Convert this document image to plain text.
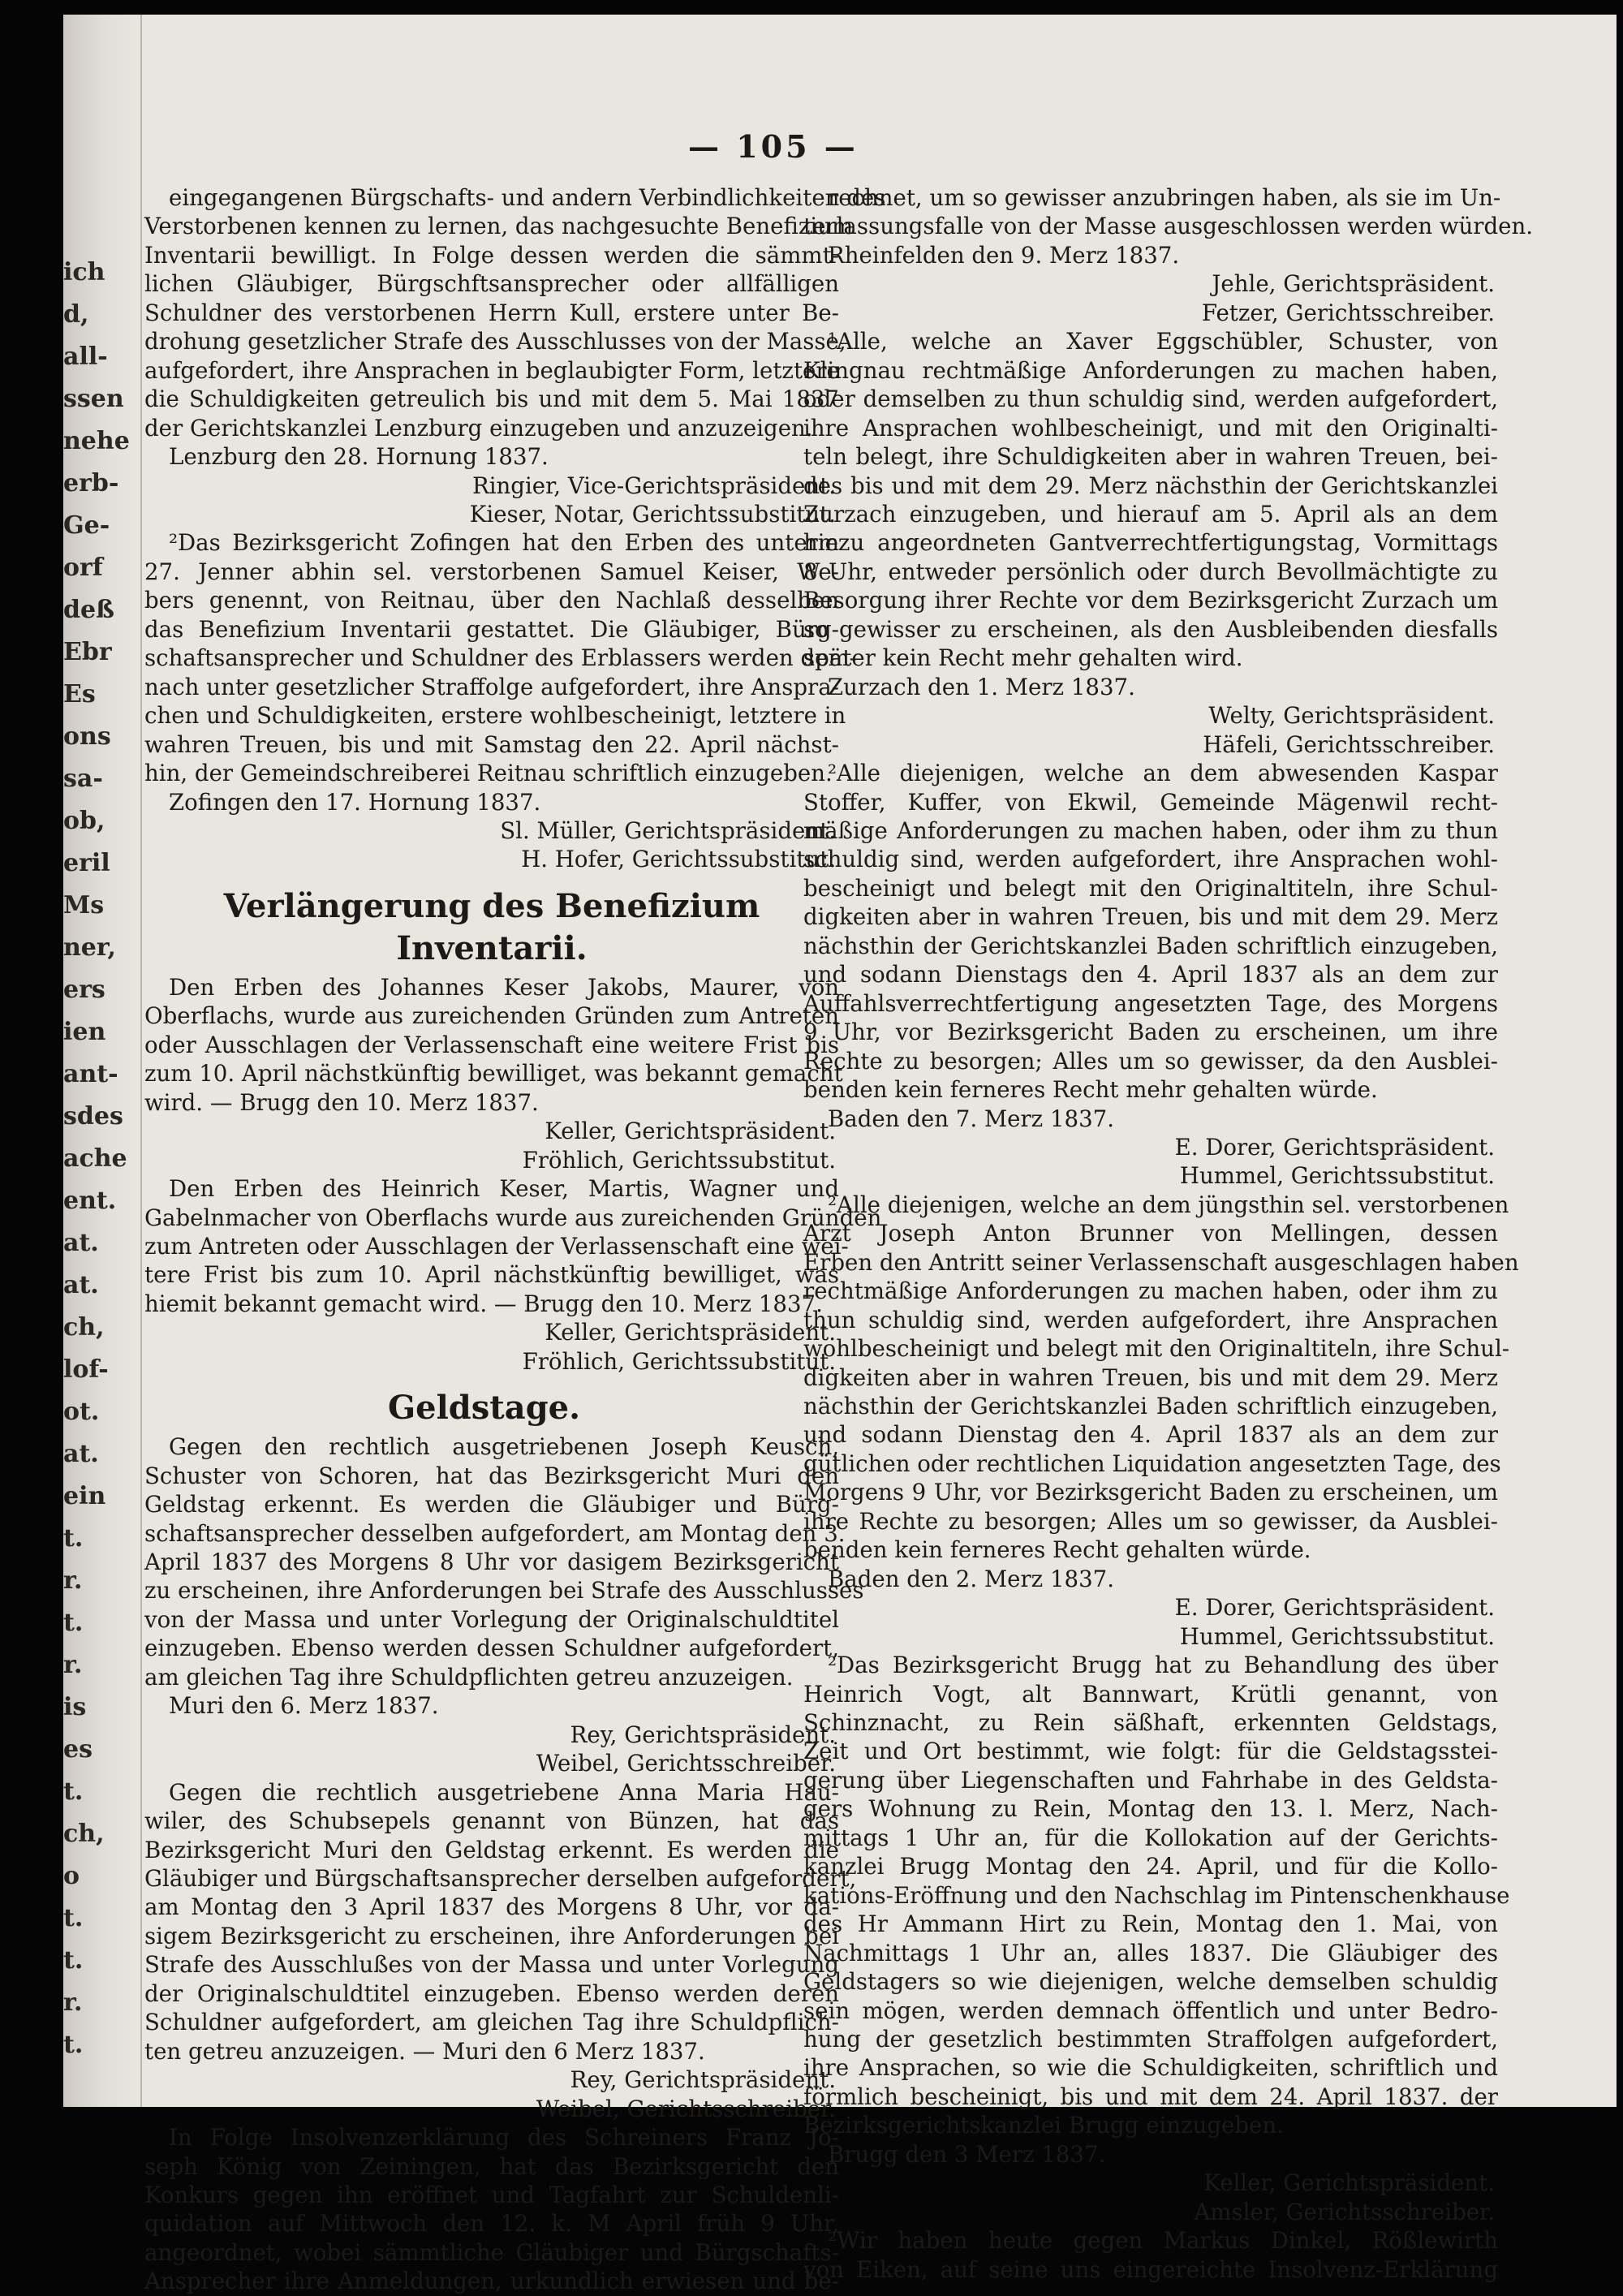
ich
d,
all-
ssen
nehe
erb-
Ge-
orf
deß
Ebr
Es
ons
sa-
ob,
eril
Ms
ner,
ers
ien
ant-
sdes
ache
ent.
at.
at.
ch,
lof-
ot.
at.
ein
t.
r.
t.
r.
is
es
t.
ch,
o
t.
t.
r.
t.
— 105 —
eingegangenen Bürgschafts- und andern Verbindlichkeiten des
Verstorbenen kennen zu lernen, das nachgesuchte Benefizium
Inventarii bewilligt. In Folge dessen werden die sämmt-
lichen Gläubiger, Bürgschftsansprecher oder allfälligen
Schuldner des verstorbenen Herrn Kull, erstere unter Be-
drohung gesetzlicher Strafe des Ausschlusses von der Masse,
aufgefordert, ihre Ansprachen in beglaubigter Form, letztere
die Schuldigkeiten getreulich bis und mit dem 5. Mai 1837
der Gerichtskanzlei Lenzburg einzugeben und anzuzeigen.
Lenzburg den 28. Hornung 1837.
Ringier, Vice-Gerichtspräsident.
Kieser, Notar, Gerichtssubstitut.
²Das Bezirksgericht Zofingen hat den Erben des unterm
27. Jenner abhin sel. verstorbenen Samuel Keiser, We-
bers genennt, von Reitnau, über den Nachlaß desselben
das Benefizium Inventarii gestattet. Die Gläubiger, Bürg-
schaftsansprecher und Schuldner des Erblassers werden dem-
nach unter gesetzlicher Straffolge aufgefordert, ihre Anspra-
chen und Schuldigkeiten, erstere wohlbescheinigt, letztere in
wahren Treuen, bis und mit Samstag den 22. April nächst-
hin, der Gemeindschreiberei Reitnau schriftlich einzugeben.
Zofingen den 17. Hornung 1837.
Sl. Müller, Gerichtspräsident.
H. Hofer, Gerichtssubstitut.
Verlängerung des Benefizium Inventarii.
Den Erben des Johannes Keser Jakobs, Maurer, von
Oberflachs, wurde aus zureichenden Gründen zum Antreten
oder Ausschlagen der Verlassenschaft eine weitere Frist bis
zum 10. April nächstkünftig bewilliget, was bekannt gemacht
wird. — Brugg den 10. Merz 1837.
Keller, Gerichtspräsident.
Fröhlich, Gerichtssubstitut.
Den Erben des Heinrich Keser, Martis, Wagner und
Gabelnmacher von Oberflachs wurde aus zureichenden Gründen
zum Antreten oder Ausschlagen der Verlassenschaft eine wei-
tere Frist bis zum 10. April nächstkünftig bewilliget, was
hiemit bekannt gemacht wird. — Brugg den 10. Merz 1837.
Keller, Gerichtspräsident.
Fröhlich, Gerichtssubstitut.
Geldstage.
Gegen den rechtlich ausgetriebenen Joseph Keusch,
Schuster von Schoren, hat das Bezirksgericht Muri den
Geldstag erkennt. Es werden die Gläubiger und Bürg-
schaftsansprecher desselben aufgefordert, am Montag den 3.
April 1837 des Morgens 8 Uhr vor dasigem Bezirksgericht
zu erscheinen, ihre Anforderungen bei Strafe des Ausschlusses
von der Massa und unter Vorlegung der Originalschuldtitel
einzugeben. Ebenso werden dessen Schuldner aufgefordert,
am gleichen Tag ihre Schuldpflichten getreu anzuzeigen.
Muri den 6. Merz 1837.
Rey, Gerichtspräsident.
Weibel, Gerichtsschreiber.
Gegen die rechtlich ausgetriebene Anna Maria Hau-
wiler, des Schubsepels genannt von Bünzen, hat das
Bezirksgericht Muri den Geldstag erkennt. Es werden die
Gläubiger und Bürgschaftsansprecher derselben aufgefordert,
am Montag den 3 April 1837 des Morgens 8 Uhr, vor da-
sigem Bezirksgericht zu erscheinen, ihre Anforderungen bei
Strafe des Ausschlußes von der Massa und unter Vorlegung
der Originalschuldtitel einzugeben. Ebenso werden deren
Schuldner aufgefordert, am gleichen Tag ihre Schuldpflich-
ten getreu anzuzeigen. — Muri den 6 Merz 1837.
Rey, Gerichtspräsident.
Weibel, Gerichtsschreiber.
In Folge Insolvenzerklärung des Schreiners Franz Jo-
seph König von Zeiningen, hat das Bezirksgericht den
Konkurs gegen ihn eröffnet und Tagfahrt zur Schuldenli-
quidation auf Mittwoch den 12. k. M April früh 9 Uhr,
angeordnet, wobei sämmtliche Gläubiger und Bürgschafts-
Ansprecher ihre Anmeldungen, urkundlich erwiesen und be-
rechnet, um so gewisser anzubringen haben, als sie im Un-
terlassungsfalle von der Masse ausgeschlossen werden würden.
Rheinfelden den 9. Merz 1837.
Jehle, Gerichtspräsident.
Fetzer, Gerichtsschreiber.
¹Alle, welche an Xaver Eggschübler, Schuster, von
Klingnau rechtmäßige Anforderungen zu machen haben,
oder demselben zu thun schuldig sind, werden aufgefordert,
ihre Ansprachen wohlbescheinigt, und mit den Originalti-
teln belegt, ihre Schuldigkeiten aber in wahren Treuen, bei-
des bis und mit dem 29. Merz nächsthin der Gerichtskanzlei
Zurzach einzugeben, und hierauf am 5. April als an dem
hiezu angeordneten Gantverrechtfertigungstag, Vormittags
8 Uhr, entweder persönlich oder durch Bevollmächtigte zu
Besorgung ihrer Rechte vor dem Bezirksgericht Zurzach um
so gewisser zu erscheinen, als den Ausbleibenden diesfalls
später kein Recht mehr gehalten wird.
Zurzach den 1. Merz 1837.
Welty, Gerichtspräsident.
Häfeli, Gerichtsschreiber.
²Alle diejenigen, welche an dem abwesenden Kaspar
Stoffer, Kuffer, von Ekwil, Gemeinde Mägenwil recht-
mäßige Anforderungen zu machen haben, oder ihm zu thun
schuldig sind, werden aufgefordert, ihre Ansprachen wohl-
bescheinigt und belegt mit den Originaltiteln, ihre Schul-
digkeiten aber in wahren Treuen, bis und mit dem 29. Merz
nächsthin der Gerichtskanzlei Baden schriftlich einzugeben,
und sodann Dienstags den 4. April 1837 als an dem zur
Auffahlsverrechtfertigung angesetzten Tage, des Morgens
9 Uhr, vor Bezirksgericht Baden zu erscheinen, um ihre
Rechte zu besorgen; Alles um so gewisser, da den Ausblei-
benden kein ferneres Recht mehr gehalten würde.
Baden den 7. Merz 1837.
E. Dorer, Gerichtspräsident.
Hummel, Gerichtssubstitut.
²Alle diejenigen, welche an dem jüngsthin sel. verstorbenen
Arzt Joseph Anton Brunner von Mellingen, dessen
Erben den Antritt seiner Verlassenschaft ausgeschlagen haben
rechtmäßige Anforderungen zu machen haben, oder ihm zu
thun schuldig sind, werden aufgefordert, ihre Ansprachen
wohlbescheinigt und belegt mit den Originaltiteln, ihre Schul-
digkeiten aber in wahren Treuen, bis und mit dem 29. Merz
nächsthin der Gerichtskanzlei Baden schriftlich einzugeben,
und sodann Dienstag den 4. April 1837 als an dem zur
gütlichen oder rechtlichen Liquidation angesetzten Tage, des
Morgens 9 Uhr, vor Bezirksgericht Baden zu erscheinen, um
ihre Rechte zu besorgen; Alles um so gewisser, da Ausblei-
benden kein ferneres Recht gehalten würde.
Baden den 2. Merz 1837.
E. Dorer, Gerichtspräsident.
Hummel, Gerichtssubstitut.
²Das Bezirksgericht Brugg hat zu Behandlung des über
Heinrich Vogt, alt Bannwart, Krütli genannt, von
Schinznacht, zu Rein säßhaft, erkennten Geldstags,
Zeit und Ort bestimmt, wie folgt: für die Geldstagsstei-
gerung über Liegenschaften und Fahrhabe in des Geldsta-
gers Wohnung zu Rein, Montag den 13. l. Merz, Nach-
mittags 1 Uhr an, für die Kollokation auf der Gerichts-
kanzlei Brugg Montag den 24. April, und für die Kollo-
kations-Eröffnung und den Nachschlag im Pintenschenkhause
des Hr Ammann Hirt zu Rein, Montag den 1. Mai, von
Nachmittags 1 Uhr an, alles 1837. Die Gläubiger des
Geldstagers so wie diejenigen, welche demselben schuldig
sein mögen, werden demnach öffentlich und unter Bedro-
hung der gesetzlich bestimmten Straffolgen aufgefordert,
ihre Ansprachen, so wie die Schuldigkeiten, schriftlich und
förmlich bescheinigt, bis und mit dem 24. April 1837. der
Bezirksgerichtskanzlei Brugg einzugeben.
Brugg den 3 Merz 1837.
Keller, Gerichtspräsident.
Amsler, Gerichtsschreiber.
²Wir haben heute gegen Markus Dinkel, Rößlewirth
von Eiken, auf seine uns eingereichte Insolvenz-Erklärung
